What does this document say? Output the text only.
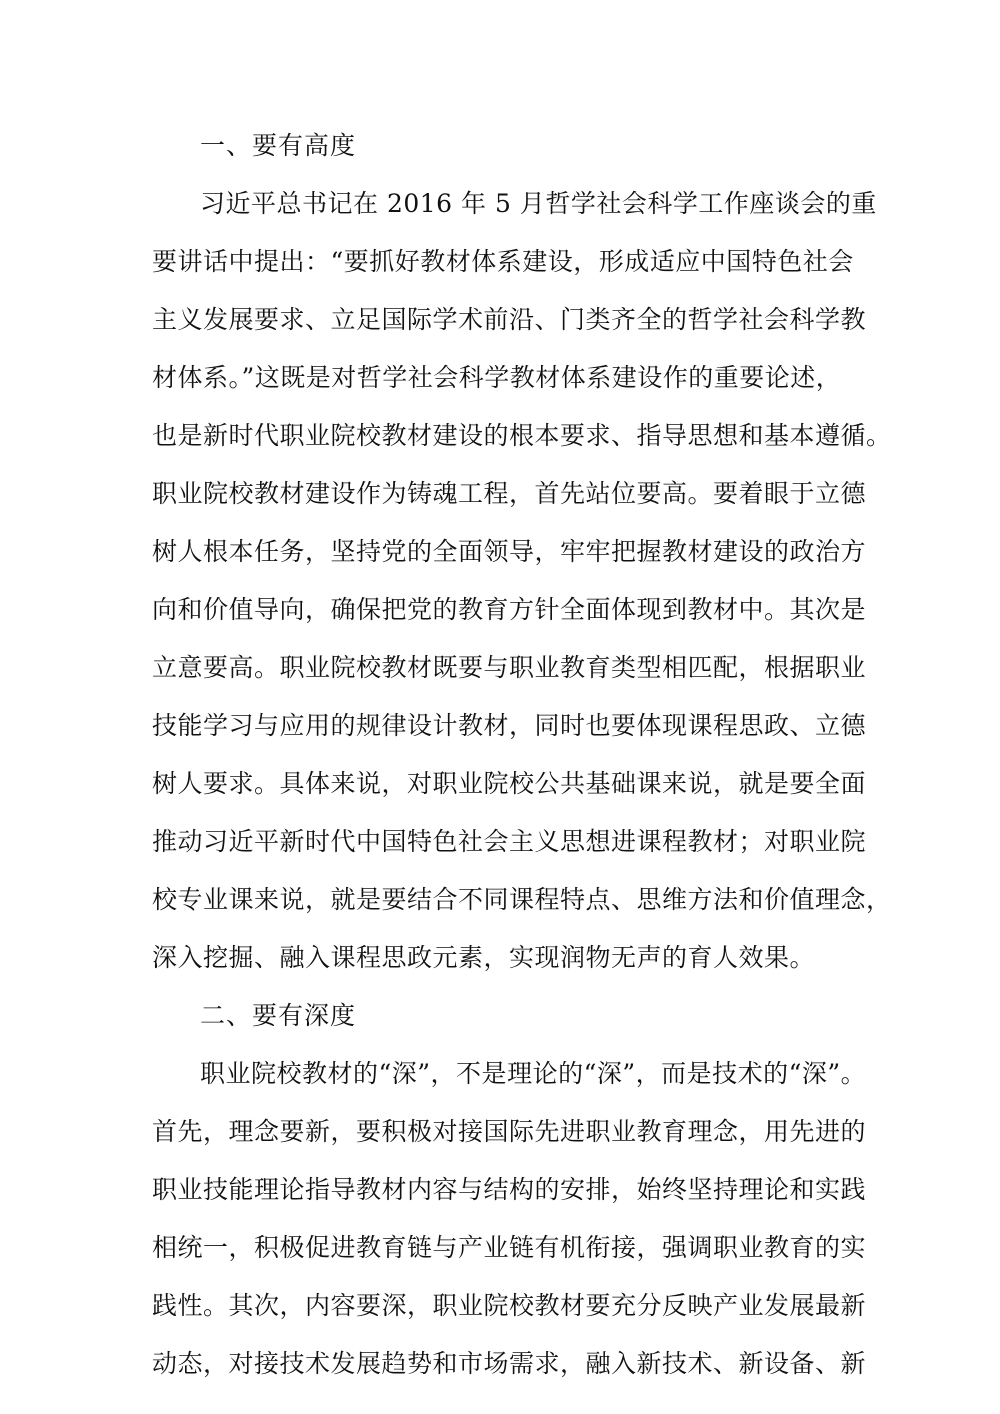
一、要有高度
习近平总书记在 2016 年 5 月哲学社会科学工作座谈会的重
要讲话中提出：“要抓好教材体系建设，形成适应中国特色社会
主义发展要求、立足国际学术前沿、门类齐全的哲学社会科学教
材体系。”这既是对哲学社会科学教材体系建设作的重要论述，
也是新时代职业院校教材建设的根本要求、指导思想和基本遵循。
职业院校教材建设作为铸魂工程，首先站位要高。要着眼于立德
树人根本任务，坚持党的全面领导，牢牢把握教材建设的政治方
向和价值导向，确保把党的教育方针全面体现到教材中。其次是
立意要高。职业院校教材既要与职业教育类型相匹配，根据职业
技能学习与应用的规律设计教材，同时也要体现课程思政、立德
树人要求。具体来说，对职业院校公共基础课来说，就是要全面
推动习近平新时代中国特色社会主义思想进课程教材；对职业院
校专业课来说，就是要结合不同课程特点、思维方法和价值理念，
深入挖掘、融入课程思政元素，实现润物无声的育人效果。
二、要有深度
职业院校教材的“深”，不是理论的“深”，而是技术的“深”。
首先，理念要新，要积极对接国际先进职业教育理念，用先进的
职业技能理论指导教材内容与结构的安排，始终坚持理论和实践
相统一，积极促进教育链与产业链有机衔接，强调职业教育的实
践性。其次，内容要深，职业院校教材要充分反映产业发展最新
动态，对接技术发展趋势和市场需求，融入新技术、新设备、新
